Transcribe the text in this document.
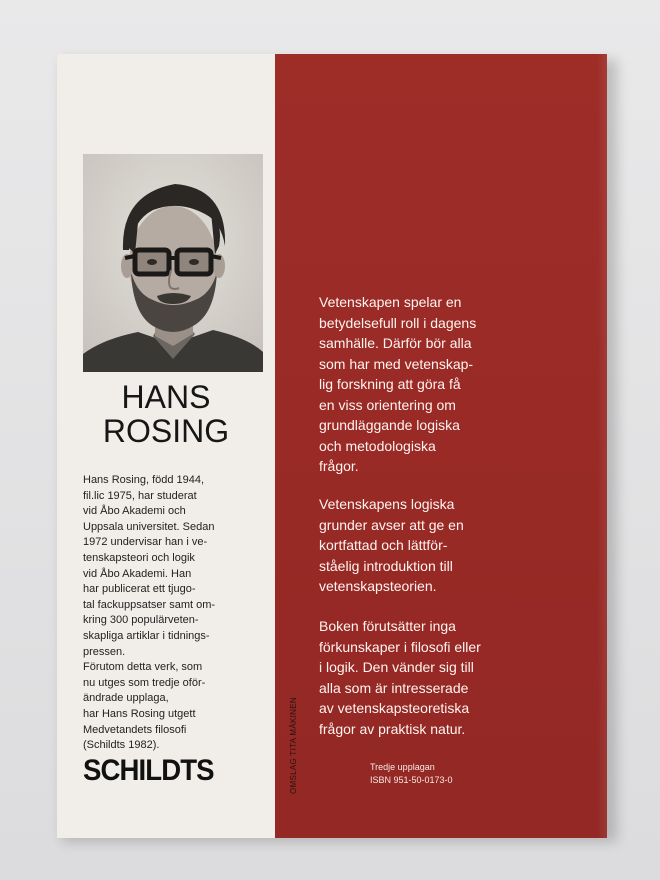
HANS
ROSING
Hans Rosing, född 1944,
fil.lic 1975, har studerat
vid Åbo Akademi och
Uppsala universitet. Sedan
1972 undervisar han i ve-
tenskapsteori och logik
vid Åbo Akademi. Han
har publicerat ett tjugo-
tal fackuppsatser samt om-
kring 300 populärveten-
skapliga artiklar i tidnings-
pressen.
Förutom detta verk, som
nu utges som tredje oför-
ändrade upplaga,
har Hans Rosing utgett
Medvetandets filosofi
(Schildts 1982).
SCHILDTS	OMSLAG TITA MÄKINEN
Vetenskapen spelar en
betydelsefull roll i dagens
samhälle. Därför bör alla
som har med vetenskap-
lig forskning att göra få
en viss orientering om
grundläggande logiska
och metodologiska
frågor.
Vetenskapens logiska
grunder avser att ge en
kortfattad och lättför-
ståelig introduktion till
vetenskapsteorien.
Boken förutsätter inga
förkunskaper i filosofi eller
i logik. Den vänder sig till
alla som är intresserade
av vetenskapsteoretiska
frågor av praktisk natur.
Tredje upplagan
ISBN 951-50-0173-0
